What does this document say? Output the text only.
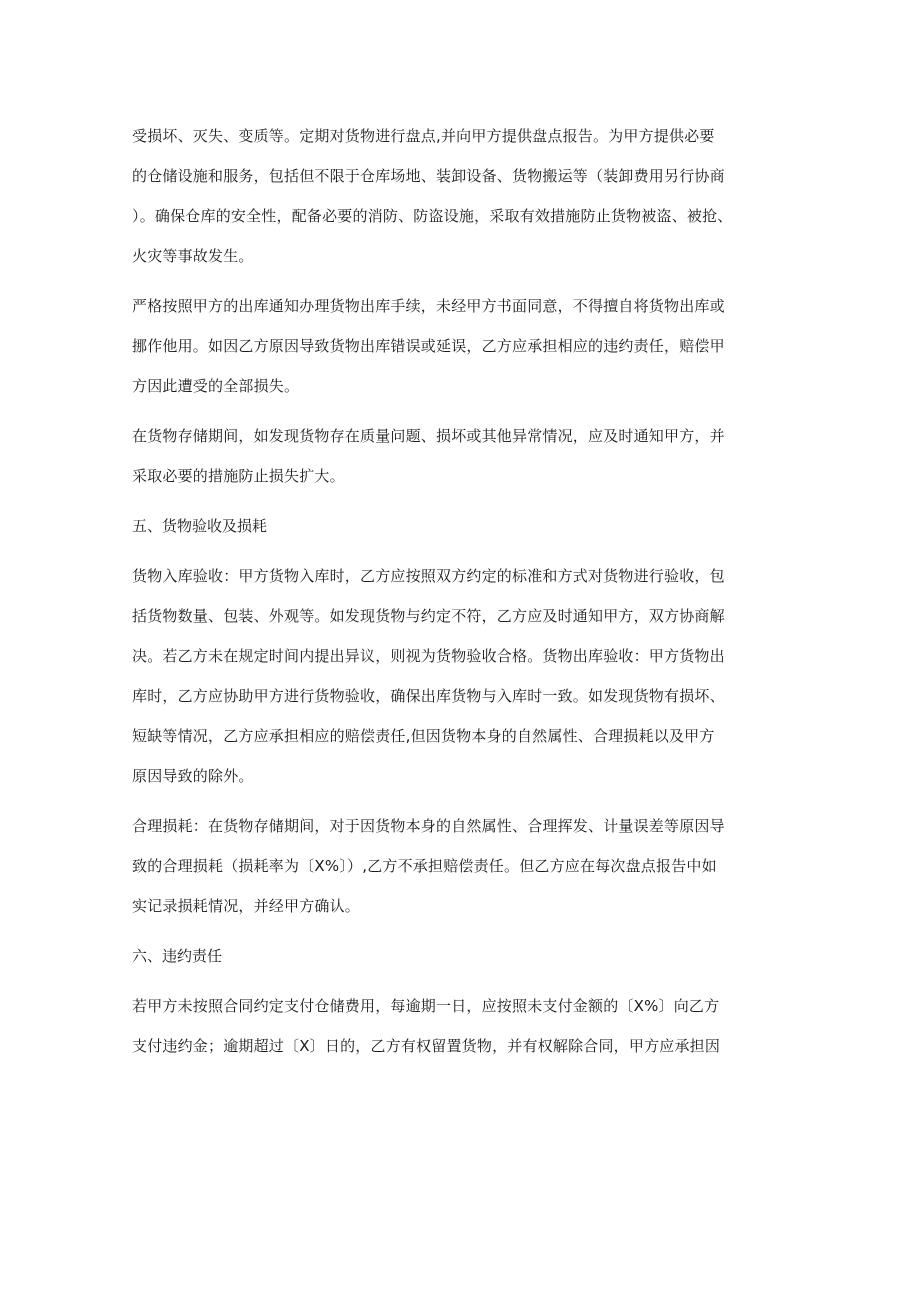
受损坏、灭失、变质等。定期对货物进行盘点,并向甲方提供盘点报告。为甲方提供必要
的仓储设施和服务，包括但不限于仓库场地、装卸设备、货物搬运等（装卸费用另行协商
）。确保仓库的安全性，配备必要的消防、防盗设施，采取有效措施防止货物被盗、被抢、
火灾等事故发生。

严格按照甲方的出库通知办理货物出库手续，未经甲方书面同意，不得擅自将货物出库或
挪作他用。如因乙方原因导致货物出库错误或延误，乙方应承担相应的违约责任，赔偿甲
方因此遭受的全部损失。

在货物存储期间，如发现货物存在质量问题、损坏或其他异常情况，应及时通知甲方，并
采取必要的措施防止损失扩大。

五、货物验收及损耗

货物入库验收：甲方货物入库时，乙方应按照双方约定的标准和方式对货物进行验收，包
括货物数量、包装、外观等。如发现货物与约定不符，乙方应及时通知甲方，双方协商解
决。若乙方未在规定时间内提出异议，则视为货物验收合格。货物出库验收：甲方货物出
库时，乙方应协助甲方进行货物验收，确保出库货物与入库时一致。如发现货物有损坏、
短缺等情况，乙方应承担相应的赔偿责任,但因货物本身的自然属性、合理损耗以及甲方
原因导致的除外。

合理损耗：在货物存储期间，对于因货物本身的自然属性、合理挥发、计量误差等原因导
致的合理损耗（损耗率为〔X%〕）,乙方不承担赔偿责任。但乙方应在每次盘点报告中如
实记录损耗情况，并经甲方确认。

六、违约责任

若甲方未按照合同约定支付仓储费用，每逾期一日，应按照未支付金额的〔X%〕向乙方
支付违约金；逾期超过〔X〕日的，乙方有权留置货物，并有权解除合同，甲方应承担因
